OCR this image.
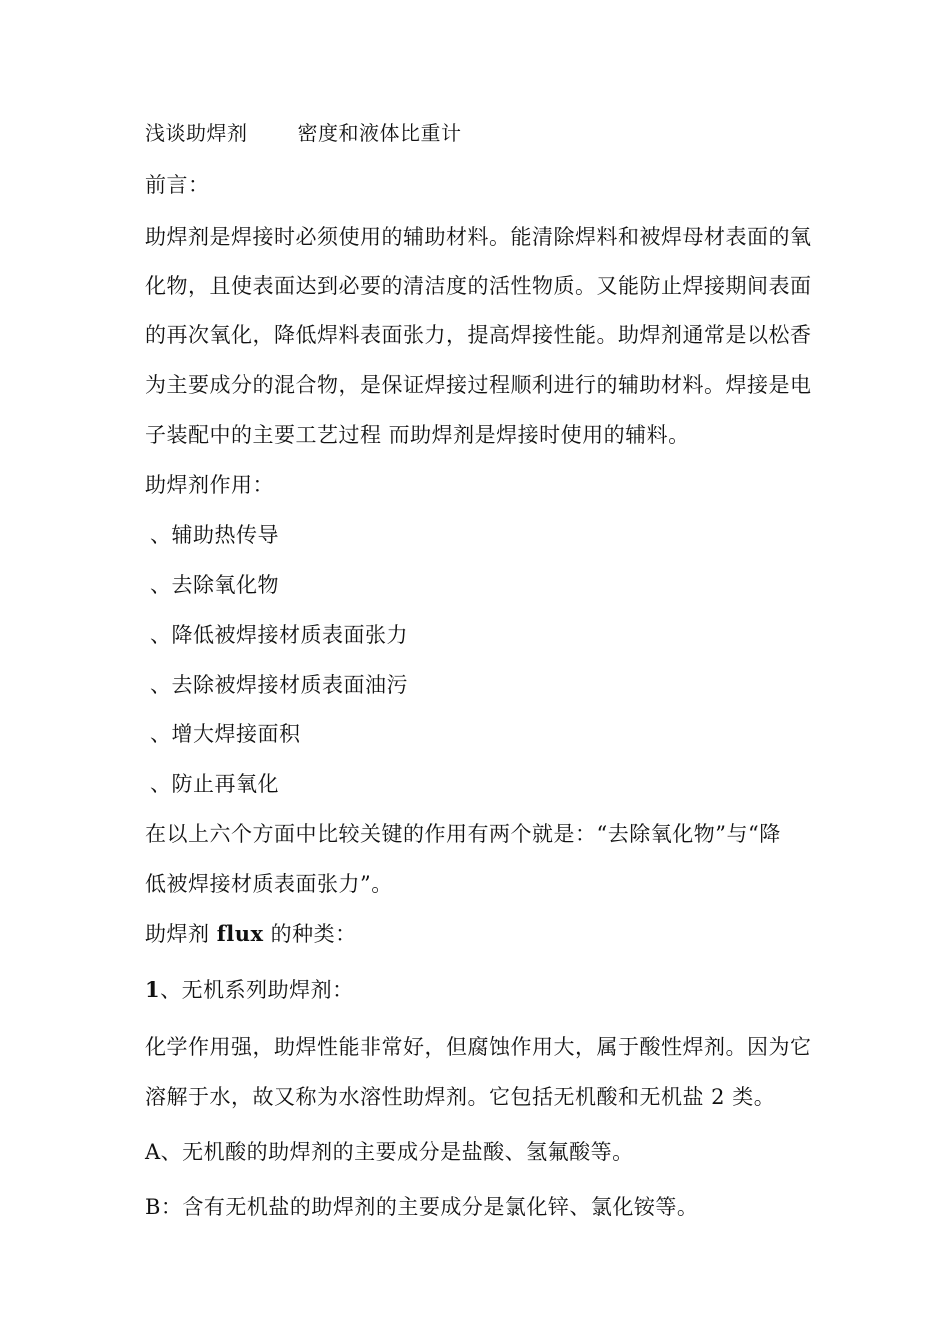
浅谈助焊剂	密度和液体比重计
前言：
助焊剂是焊接时必须使用的辅助材料。能清除焊料和被焊母材表面的氧
化物，且使表面达到必要的清洁度的活性物质。又能防止焊接期间表面
的再次氧化，降低焊料表面张力，提高焊接性能。助焊剂通常是以松香
为主要成分的混合物，是保证焊接过程顺利进行的辅助材料。焊接是电
子装配中的主要工艺过程 而助焊剂是焊接时使用的辅料。
助焊剂作用：
、辅助热传导
、去除氧化物
、降低被焊接材质表面张力
、去除被焊接材质表面油污
、增大焊接面积
、防止再氧化
在以上六个方面中比较关键的作用有两个就是：“去除氧化物”与“降
低被焊接材质表面张力”。
助焊剂 flux 的种类：
1、无机系列助焊剂：
化学作用强，助焊性能非常好，但腐蚀作用大，属于酸性焊剂。因为它
溶解于水，故又称为水溶性助焊剂。它包括无机酸和无机盐 2 类。
A、无机酸的助焊剂的主要成分是盐酸、氢氟酸等。
B：含有无机盐的助焊剂的主要成分是氯化锌、氯化铵等。
